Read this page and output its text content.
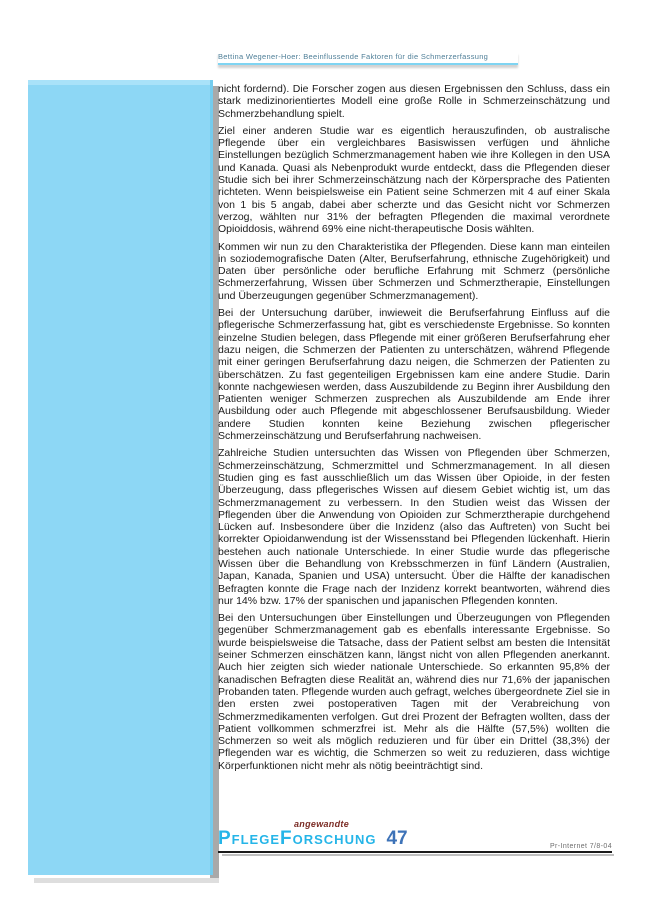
Bettina Wegener-Hoer: Beeinflussende Faktoren für die Schmerzerfassung

nicht fordernd). Die Forscher zogen aus diesen Ergebnissen den Schluss, dass ein stark medizinorientiertes Modell eine große Rolle in Schmerzeinschätzung und Schmerzbehandlung spielt.

Ziel einer anderen Studie war es eigentlich herauszufinden, ob australische Pflegende über ein vergleichbares Basiswissen verfügen und ähnliche Einstellungen bezüglich Schmerzmanagement haben wie ihre Kollegen in den USA und Kanada. Quasi als Nebenprodukt wurde entdeckt, dass die Pflegenden dieser Studie sich bei ihrer Schmerzeinschätzung nach der Körpersprache des Patienten richteten. Wenn beispielsweise ein Patient seine Schmerzen mit 4 auf einer Skala von 1 bis 5 angab, dabei aber scherzte und das Gesicht nicht vor Schmerzen verzog, wählten nur 31% der befragten Pflegenden die maximal verordnete Opioiddosis, während 69% eine nicht-therapeutische Dosis wählten.

Kommen wir nun zu den Charakteristika der Pflegenden. Diese kann man einteilen in soziodemografische Daten (Alter, Berufserfahrung, ethnische Zugehörigkeit) und Daten über persönliche oder berufliche Erfahrung mit Schmerz (persönliche Schmerzerfahrung, Wissen über Schmerzen und Schmerztherapie, Einstellungen und Überzeugungen gegenüber Schmerzmanagement).

Bei der Untersuchung darüber, inwieweit die Berufserfahrung Einfluss auf die pflegerische Schmerzerfassung hat, gibt es verschiedenste Ergebnisse. So konnten einzelne Studien belegen, dass Pflegende mit einer größeren Berufserfahrung eher dazu neigen, die Schmerzen der Patienten zu unterschätzen, während Pflegende mit einer geringen Berufserfahrung dazu neigen, die Schmerzen der Patienten zu überschätzen. Zu fast gegenteiligen Ergebnissen kam eine andere Studie. Darin konnte nachgewiesen werden, dass Auszubildende zu Beginn ihrer Ausbildung den Patienten weniger Schmerzen zusprechen als Auszubildende am Ende ihrer Ausbildung oder auch Pflegende mit abgeschlossener Berufsausbildung. Wieder andere Studien konnten keine Beziehung zwischen pflegerischer Schmerzeinschätzung und Berufserfahrung nachweisen.

Zahlreiche Studien untersuchten das Wissen von Pflegenden über Schmerzen, Schmerzeinschätzung, Schmerzmittel und Schmerzmanagement. In all diesen Studien ging es fast ausschließlich um das Wissen über Opioide, in der festen Überzeugung, dass pflegerisches Wissen auf diesem Gebiet wichtig ist, um das Schmerzmanagement zu verbessern. In den Studien weist das Wissen der Pflegenden über die Anwendung von Opioiden zur Schmerztherapie durchgehend Lücken auf. Insbesondere über die Inzidenz (also das Auftreten) von Sucht bei korrekter Opioidanwendung ist der Wissensstand bei Pflegenden lückenhaft. Hierin bestehen auch nationale Unterschiede. In einer Studie wurde das pflegerische Wissen über die Behandlung von Krebsschmerzen in fünf Ländern (Australien, Japan, Kanada, Spanien und USA) untersucht. Über die Hälfte der kanadischen Befragten konnte die Frage nach der Inzidenz korrekt beantworten, während dies nur 14% bzw. 17% der spanischen und japanischen Pflegenden konnten.

Bei den Untersuchungen über Einstellungen und Überzeugungen von Pflegenden gegenüber Schmerzmanagement gab es ebenfalls interessante Ergebnisse. So wurde beispielsweise die Tatsache, dass der Patient selbst am besten die Intensität seiner Schmerzen einschätzen kann, längst nicht von allen Pflegenden anerkannt. Auch hier zeigten sich wieder nationale Unterschiede. So erkannten 95,8% der kanadischen Befragten diese Realität an, während dies nur 71,6% der japanischen Probanden taten. Pflegende wurden auch gefragt, welches übergeordnete Ziel sie in den ersten zwei postoperativen Tagen mit der Verabreichung von Schmerzmedikamenten verfolgen. Gut drei Prozent der Befragten wollten, dass der Patient vollkommen schmerzfrei ist. Mehr als die Hälfte (57,5%) wollten die Schmerzen so weit als möglich reduzieren und für über ein Drittel (38,3%) der Pflegenden war es wichtig, die Schmerzen so weit zu reduzieren, dass wichtige Körperfunktionen nicht mehr als nötig beeinträchtigt sind.

angewandte
PflegeForschung 47	Pr-Internet 7/8-04
